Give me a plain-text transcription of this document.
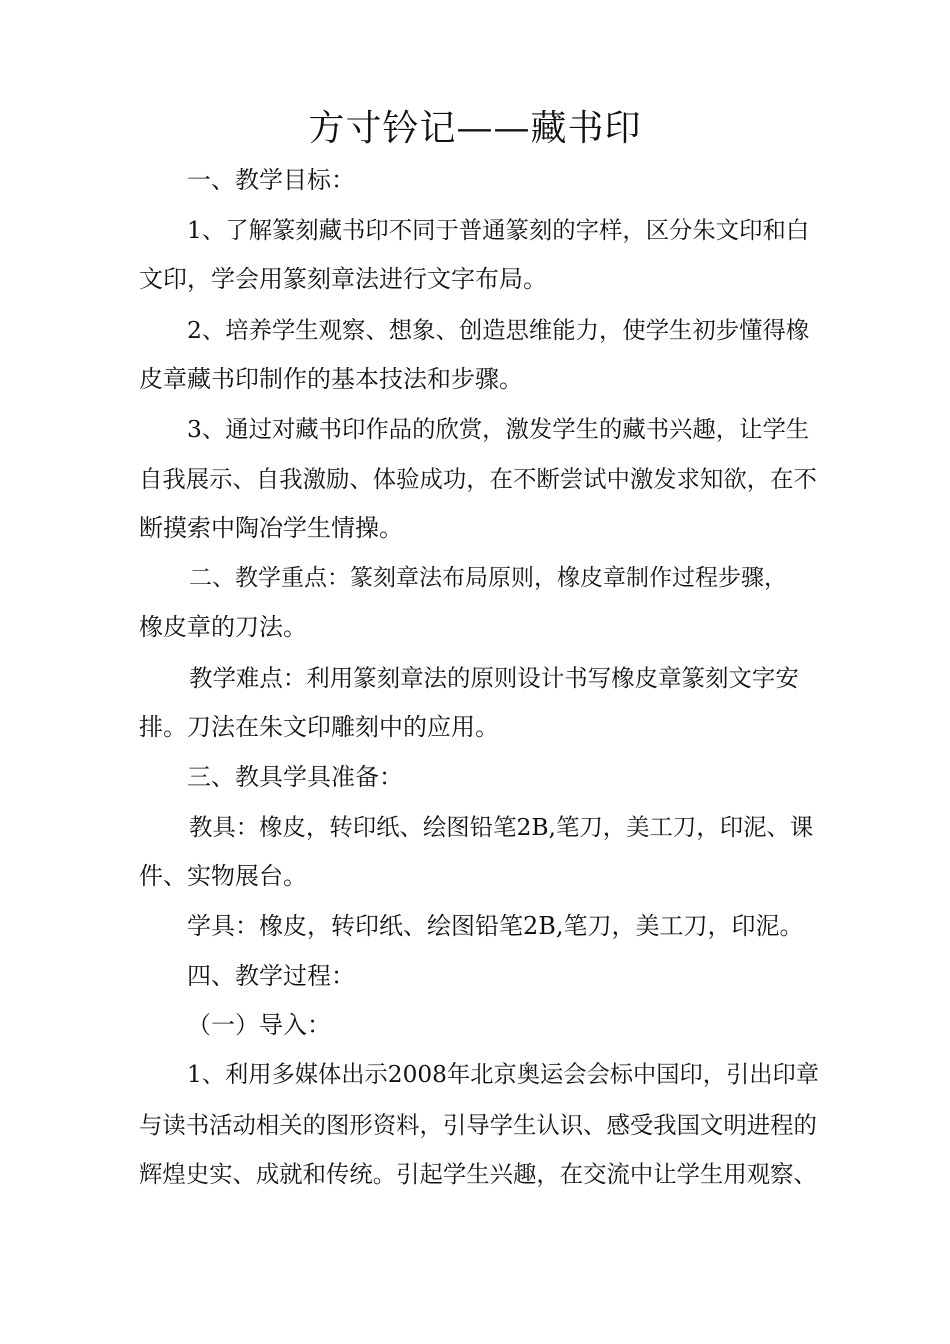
方寸钤记——藏书印
一、教学目标：
1、了解篆刻藏书印不同于普通篆刻的字样，区分朱文印和白
文印，学会用篆刻章法进行文字布局。
2、培养学生观察、想象、创造思维能力，使学生初步懂得橡
皮章藏书印制作的基本技法和步骤。
3、通过对藏书印作品的欣赏，激发学生的藏书兴趣，让学生
自我展示、自我激励、体验成功，在不断尝试中激发求知欲，在不
断摸索中陶冶学生情操。
二、教学重点：篆刻章法布局原则，橡皮章制作过程步骤，
橡皮章的刀法。
教学难点：利用篆刻章法的原则设计书写橡皮章篆刻文字安
排。刀法在朱文印雕刻中的应用。
三、教具学具准备：
教具：橡皮，转印纸、绘图铅笔2B,笔刀，美工刀，印泥、课
件、实物展台。
学具：橡皮，转印纸、绘图铅笔2B,笔刀，美工刀，印泥。
四、教学过程：
（一）导入：
1、利用多媒体出示2008年北京奥运会会标中国印，引出印章
与读书活动相关的图形资料，引导学生认识、感受我国文明进程的
辉煌史实、成就和传统。引起学生兴趣，在交流中让学生用观察、
